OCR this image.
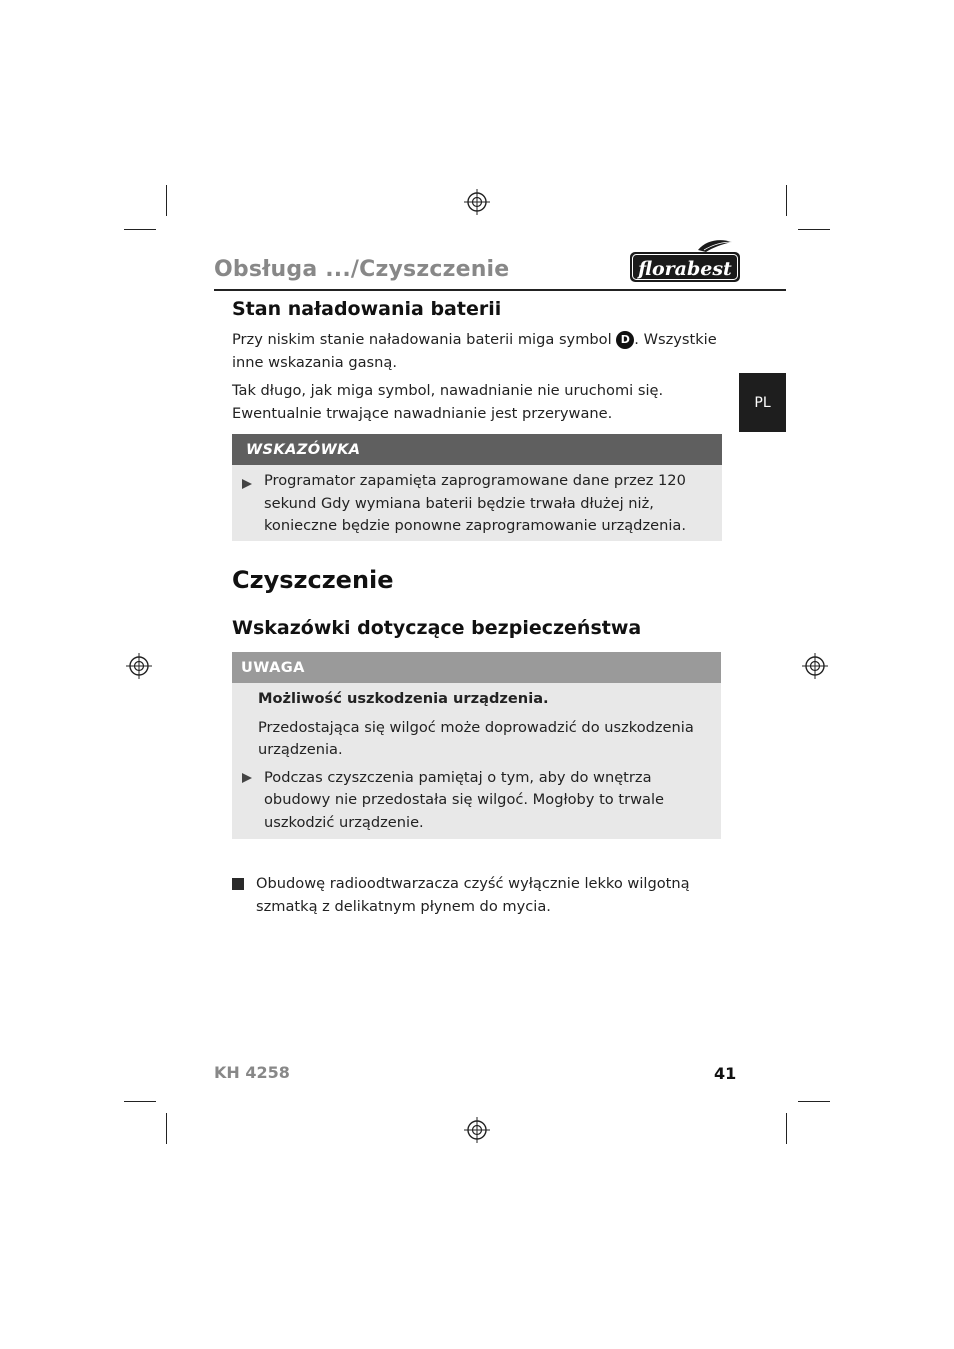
Obsługa .../Czyszczenie	florabest
PL
Stan naładowania baterii

Przy niskim stanie naładowania baterii miga symbol D . Wszystkie inne wskazania gasną.

Tak długo, jak miga symbol, nawadnianie nie uruchomi się. Ewentualnie trwające nawadnianie jest przerywane.

WSKAZÓWKA

Programator zapamięta zaprogramowane dane przez 120 sekund Gdy wymiana baterii będzie trwała dłużej niż, konieczne będzie ponowne zaprogramowanie urządzenia.

Czyszczenie
Wskazówki dotyczące bezpieczeństwa
UWAGA

Możliwość uszkodzenia urządzenia.

Przedostająca się wilgoć może doprowadzić do uszkodzenia urządzenia.

Podczas czyszczenia pamiętaj o tym, aby do wnętrza obudowy nie przedostała się wilgoć. Mogłoby to trwale uszkodzić urządzenie.

Obudowę radioodtwarzacza czyść wyłącznie lekko wilgotną szmatką z delikatnym płynem do mycia.

KH 4258	41
